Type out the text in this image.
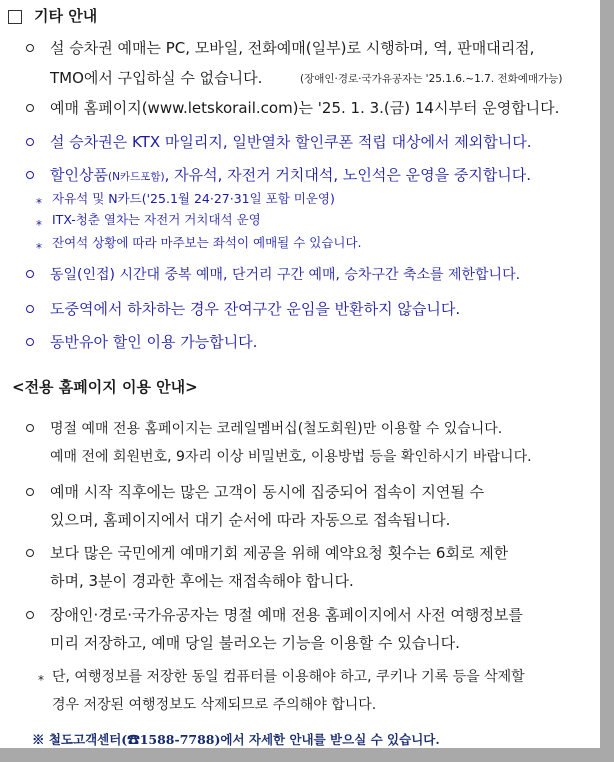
기타 안내
설 승차권 예매는 PC, 모바일, 전화예매(일부)로 시행하며, 역, 판매대리점,
TMO에서 구입하실 수 없습니다.	(장애인·경로·국가유공자는 '25.1.6.~1.7. 전화예매가능)
예매 홈페이지(www.letskorail.com)는 '25. 1. 3.(금) 14시부터 운영합니다.
설 승차권은 KTX 마일리지, 일반열차 할인쿠폰 적립 대상에서 제외합니다.
할인상품(N카드포함), 자유석, 자전거 거치대석, 노인석은 운영을 중지합니다.
* 자유석 및 N카드('25.1월 24·27·31일 포함 미운영)
* ITX-청춘 열차는 자전거 거치대석 운영
* 잔여석 상황에 따라 마주보는 좌석이 예매될 수 있습니다.
동일(인접) 시간대 중복 예매, 단거리 구간 예매, 승차구간 축소를 제한합니다.
도중역에서 하차하는 경우 잔여구간 운임을 반환하지 않습니다.
동반유아 할인 이용 가능합니다.
<전용 홈페이지 이용 안내>
명절 예매 전용 홈페이지는 코레일멤버십(철도회원)만 이용할 수 있습니다.
예매 전에 회원번호, 9자리 이상 비밀번호, 이용방법 등을 확인하시기 바랍니다.
예매 시작 직후에는 많은 고객이 동시에 집중되어 접속이 지연될 수
있으며, 홈페이지에서 대기 순서에 따라 자동으로 접속됩니다.
보다 많은 국민에게 예매기회 제공을 위해 예약요청 횟수는 6회로 제한
하며, 3분이 경과한 후에는 재접속해야 합니다.
장애인·경로·국가유공자는 명절 예매 전용 홈페이지에서 사전 여행정보를
미리 저장하고, 예매 당일 불러오는 기능을 이용할 수 있습니다.
* 단, 여행정보를 저장한 동일 컴퓨터를 이용해야 하고, 쿠키나 기록 등을 삭제할
경우 저장된 여행정보도 삭제되므로 주의해야 합니다.
※ 철도고객센터(☎1588-7788)에서 자세한 안내를 받으실 수 있습니다.
